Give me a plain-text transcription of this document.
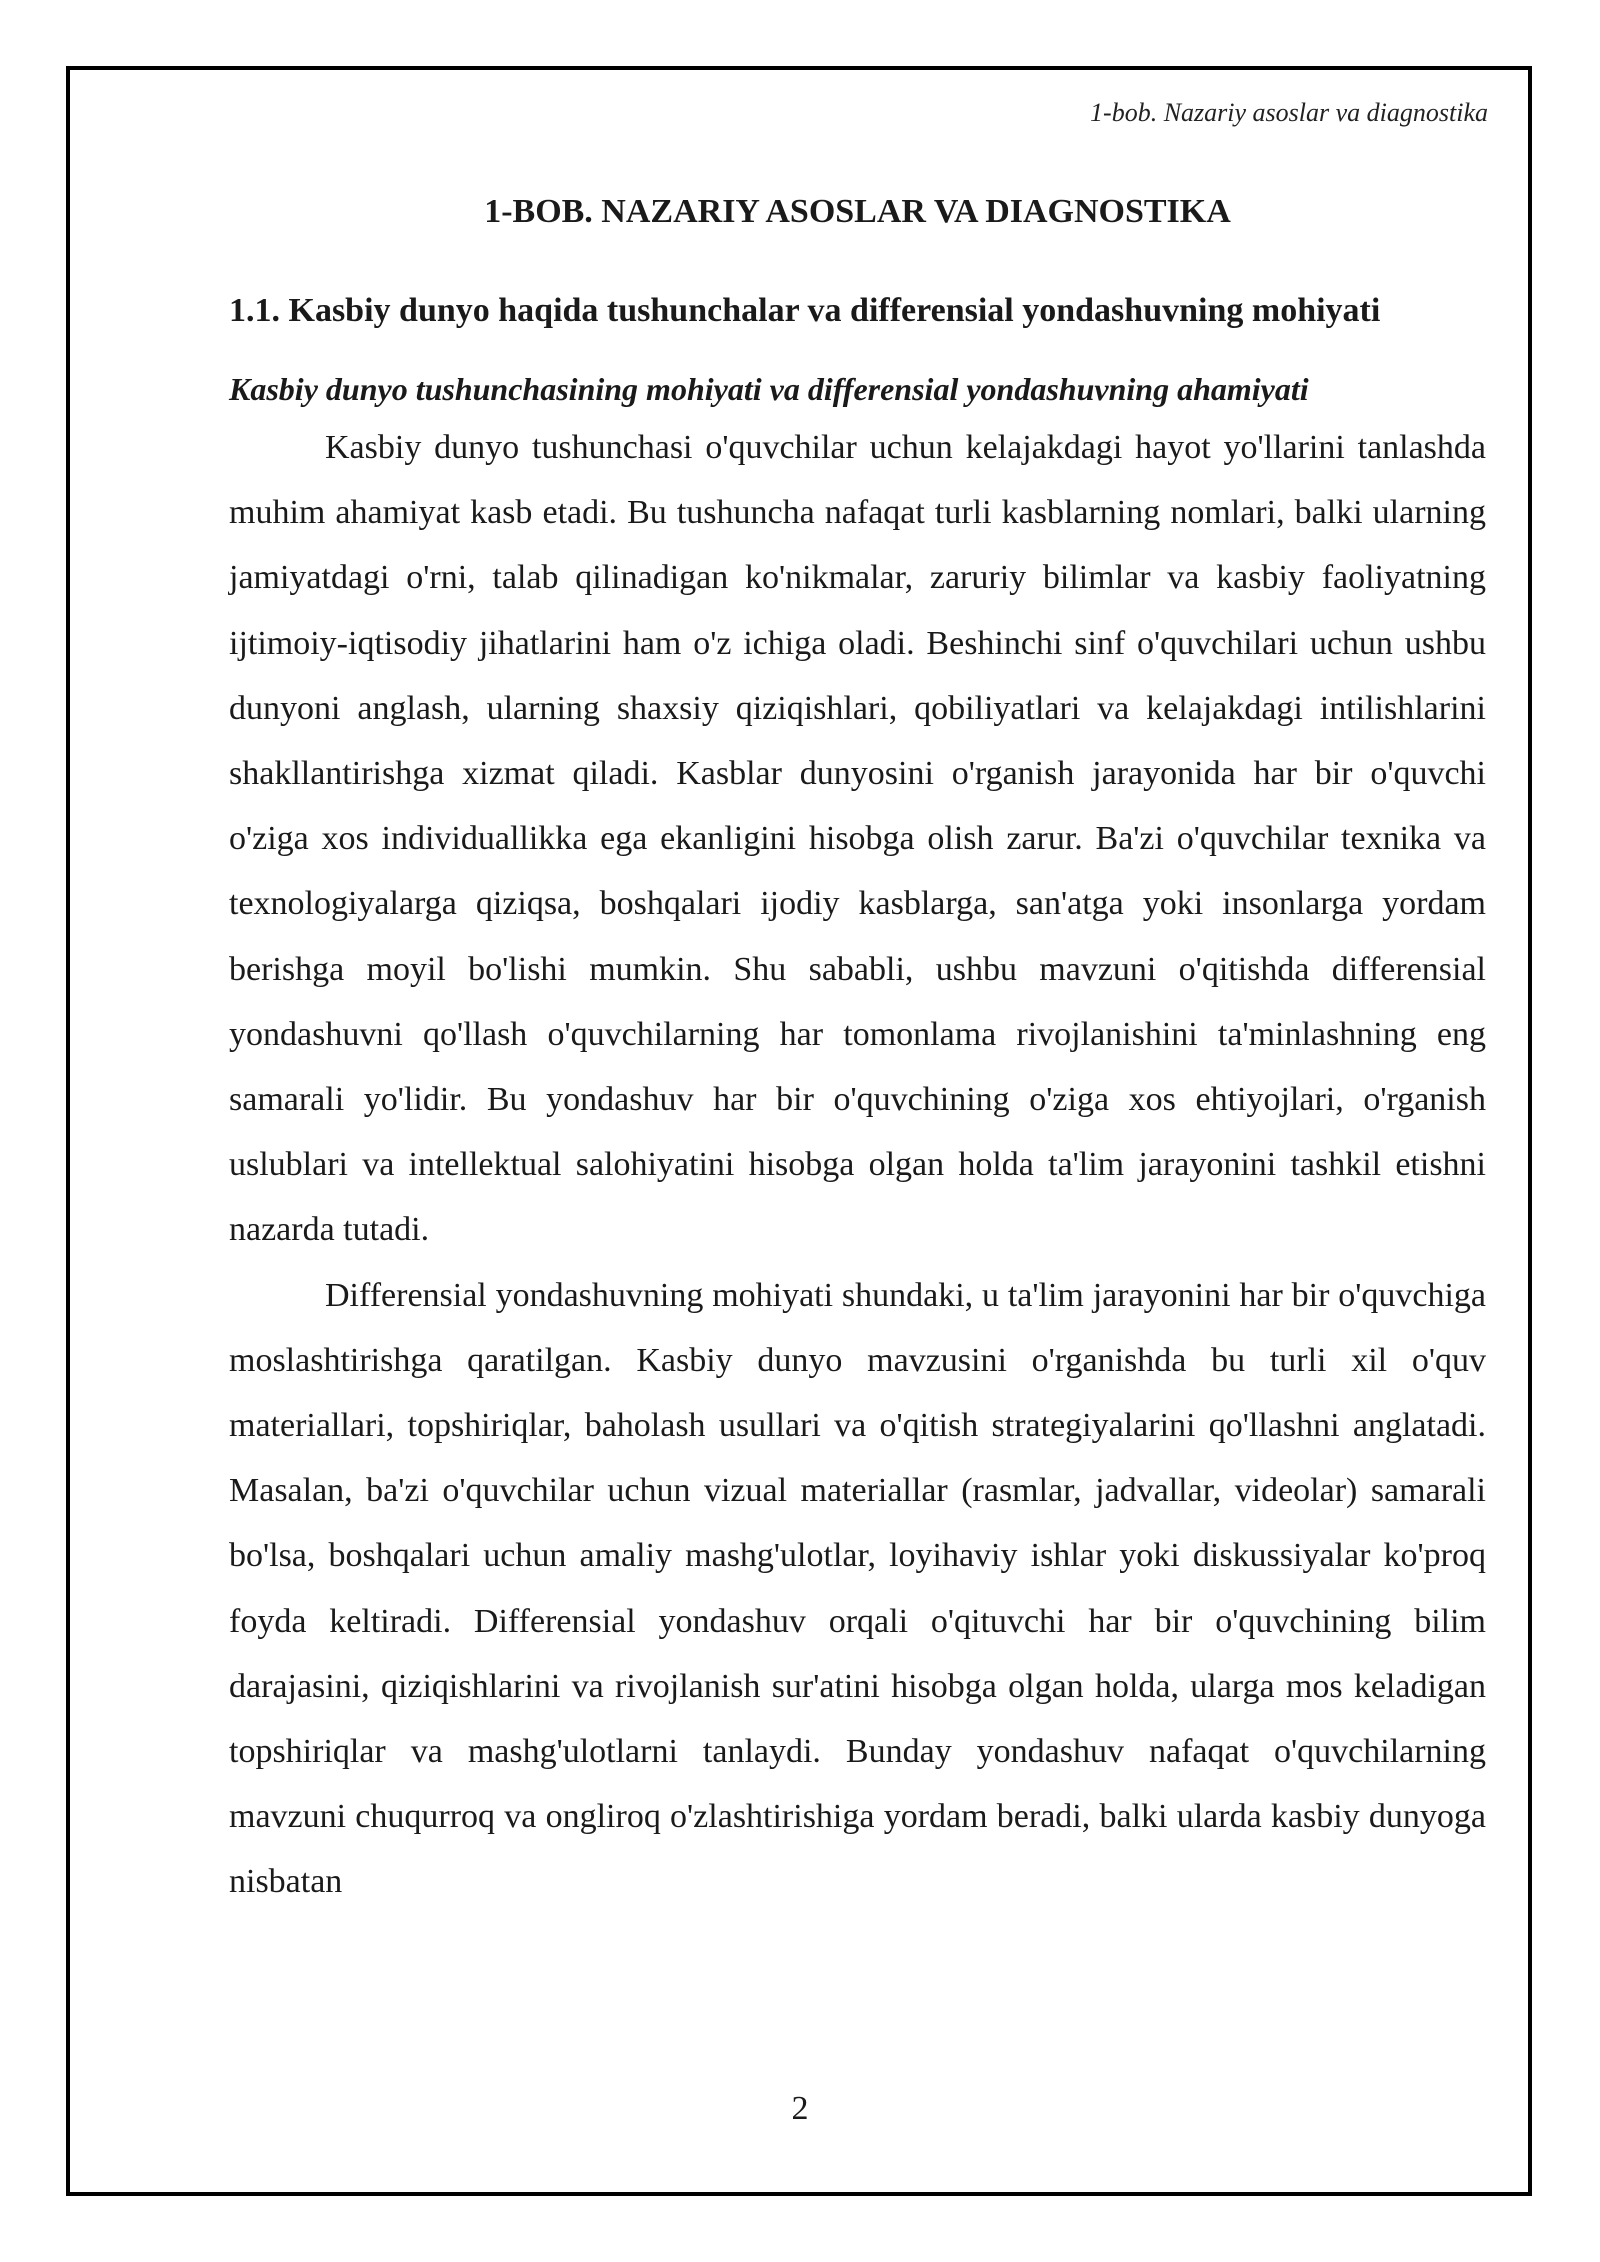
1-bob. Nazariy asoslar va diagnostika
1-BOB. NAZARIY ASOSLAR VA DIAGNOSTIKA
1.1. Kasbiy dunyo haqida tushunchalar va differensial yondashuvning mohiyati
Kasbiy dunyo tushunchasining mohiyati va differensial yondashuvning ahamiyati

Kasbiy dunyo tushunchasi o'quvchilar uchun kelajakdagi hayot yo'llarini tanlashda muhim ahamiyat kasb etadi. Bu tushuncha nafaqat turli kasblarning nomlari, balki ularning jamiyatdagi o'rni, talab qilinadigan ko'nikmalar, zaruriy bilimlar va kasbiy faoliyatning ijtimoiy-iqtisodiy jihatlarini ham o'z ichiga oladi. Beshinchi sinf o'quvchilari uchun ushbu dunyoni anglash, ularning shaxsiy qiziqishlari, qobiliyatlari va kelajakdagi intilishlarini shakllantirishga xizmat qiladi. Kasblar dunyosini o'rganish jarayonida har bir o'quvchi o'ziga xos individuallikka ega ekanligini hisobga olish zarur. Ba'zi o'quvchilar texnika va texnologiyalarga qiziqsa, boshqalari ijodiy kasblarga, san'atga yoki insonlarga yordam berishga moyil bo'lishi mumkin. Shu sababli, ushbu mavzuni o'qitishda differensial yondashuvni qo'llash o'quvchilarning har tomonlama rivojlanishini ta'minlashning eng samarali yo'lidir. Bu yondashuv har bir o'quvchining o'ziga xos ehtiyojlari, o'rganish uslublari va intellektual salohiyatini hisobga olgan holda ta'lim jarayonini tashkil etishni nazarda tutadi.

Differensial yondashuvning mohiyati shundaki, u ta'lim jarayonini har bir o'quvchiga moslashtirishga qaratilgan. Kasbiy dunyo mavzusini o'rganishda bu turli xil o'quv materiallari, topshiriqlar, baholash usullari va o'qitish strategiyalarini qo'llashni anglatadi. Masalan, ba'zi o'quvchilar uchun vizual materiallar (rasmlar, jadvallar, videolar) samarali bo'lsa, boshqalari uchun amaliy mashg'ulotlar, loyihaviy ishlar yoki diskussiyalar ko'proq foyda keltiradi. Differensial yondashuv orqali o'qituvchi har bir o'quvchining bilim darajasini, qiziqishlarini va rivojlanish sur'atini hisobga olgan holda, ularga mos keladigan topshiriqlar va mashg'ulotlarni tanlaydi. Bunday yondashuv nafaqat o'quvchilarning mavzuni chuqurroq va ongliroq o'zlashtirishiga yordam beradi, balki ularda kasbiy dunyoga nisbatan

2
